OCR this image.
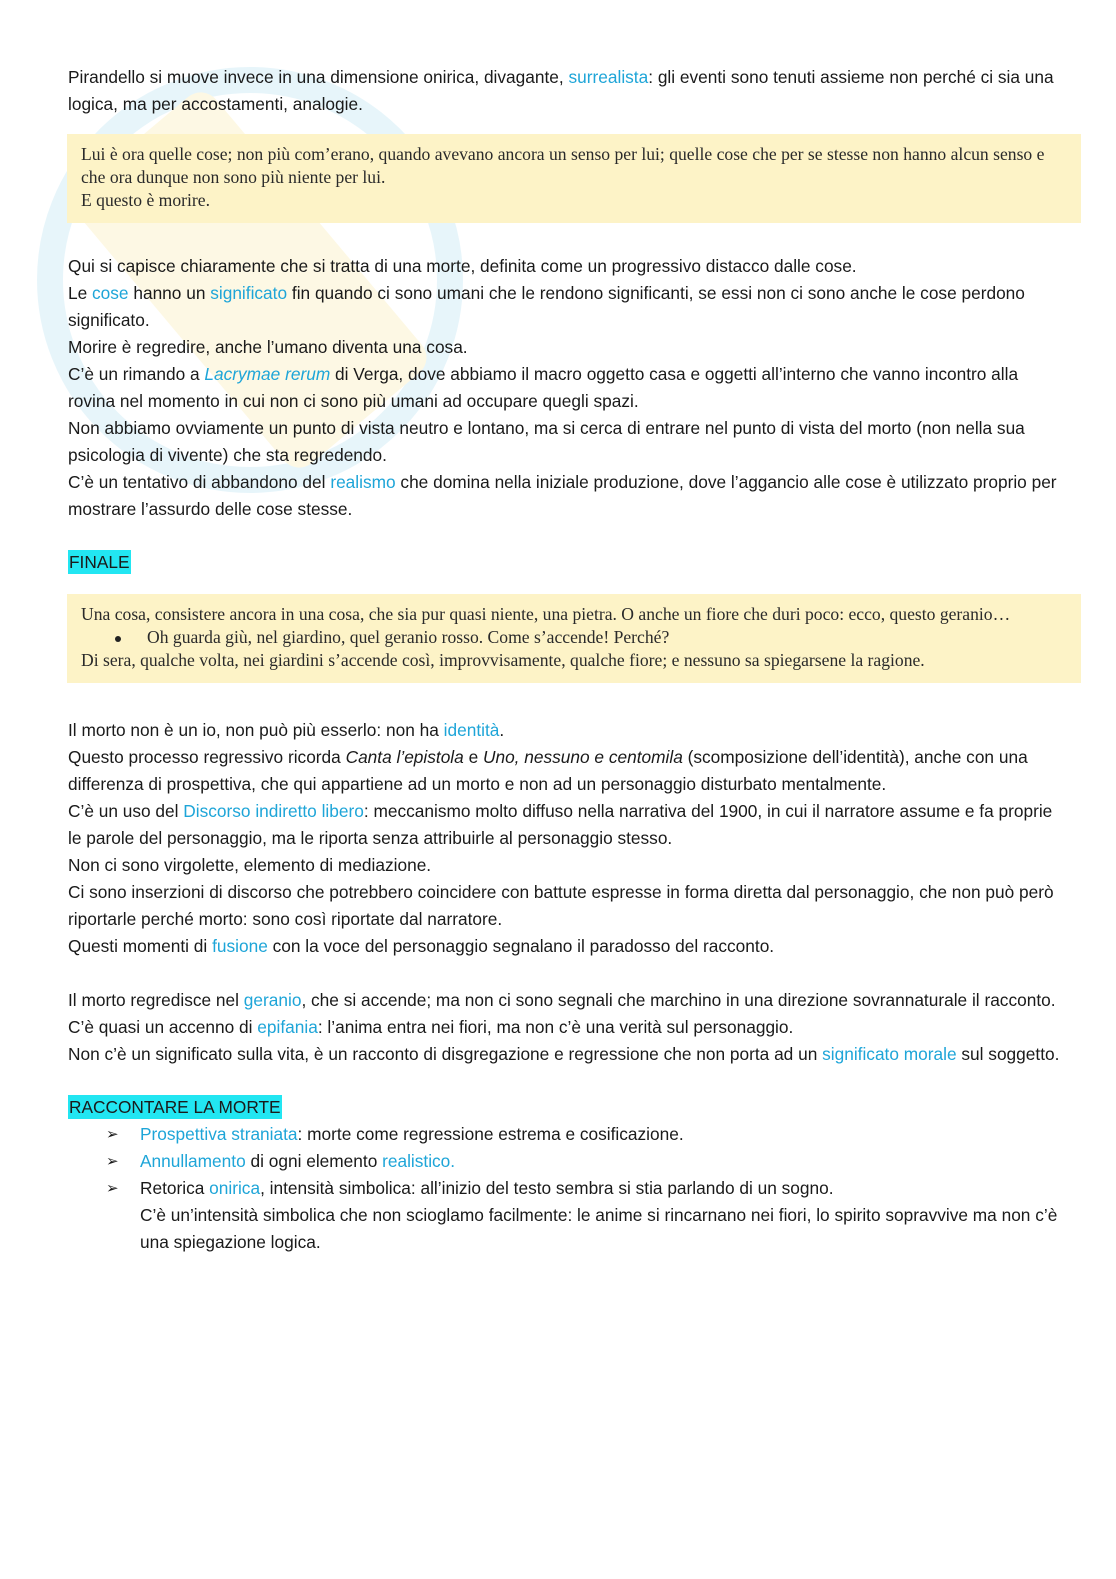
Pirandello si muove invece in una dimensione onirica, divagante, surrealista: gli eventi sono tenuti assieme non perché ci sia una logica, ma per accostamenti, analogie.

Lui è ora quelle cose; non più com’erano, quando avevano ancora un senso per lui; quelle cose che per se stesse non hanno alcun senso e che ora dunque non sono più niente per lui.
E questo è morire.

Qui si capisce chiaramente che si tratta di una morte, definita come un progressivo distacco dalle cose.

Le cose hanno un significato fin quando ci sono umani che le rendono significanti, se essi non ci sono anche le cose perdono significato.

Morire è regredire, anche l’umano diventa una cosa.

C’è un rimando a Lacrymae rerum di Verga, dove abbiamo il macro oggetto casa e oggetti all’interno che vanno incontro alla rovina nel momento in cui non ci sono più umani ad occupare quegli spazi.

Non abbiamo ovviamente un punto di vista neutro e lontano, ma si cerca di entrare nel punto di vista del morto (non nella sua psicologia di vivente) che sta regredendo.

C’è un tentativo di abbandono del realismo che domina nella iniziale produzione, dove l’aggancio alle cose è utilizzato proprio per mostrare l’assurdo delle cose stesse.

FINALE
Una cosa, consistere ancora in una cosa, che sia pur quasi niente, una pietra. O anche un fiore che duri poco: ecco, questo geranio…
Oh guarda giù, nel giardino, quel geranio rosso. Come s’accende! Perché?
Di sera, qualche volta, nei giardini s’accende così, improvvisamente, qualche fiore; e nessuno sa spiegarsene la ragione.

Il morto non è un io, non può più esserlo: non ha identità.

Questo processo regressivo ricorda Canta l’epistola e Uno, nessuno e centomila (scomposizione dell’identità), anche con una differenza di prospettiva, che qui appartiene ad un morto e non ad un personaggio disturbato mentalmente.

C’è un uso del Discorso indiretto libero: meccanismo molto diffuso nella narrativa del 1900, in cui il narratore assume e fa proprie le parole del personaggio, ma le riporta senza attribuirle al personaggio stesso.

Non ci sono virgolette, elemento di mediazione.

Ci sono inserzioni di discorso che potrebbero coincidere con battute espresse in forma diretta dal personaggio, che non può però riportarle perché morto: sono così riportate dal narratore.

Questi momenti di fusione con la voce del personaggio segnalano il paradosso del racconto.

Il morto regredisce nel geranio, che si accende; ma non ci sono segnali che marchino in una direzione sovrannaturale il racconto.

C’è quasi un accenno di epifania: l’anima entra nei fiori, ma non c’è una verità sul personaggio.

Non c’è un significato sulla vita, è un racconto di disgregazione e regressione che non porta ad un significato morale sul soggetto.

RACCONTARE LA MORTE
➢ Prospettiva straniata: morte come regressione estrema e cosificazione.
➢ Annullamento di ogni elemento realistico.
➢ Retorica onirica, intensità simbolica: all’inizio del testo sembra si stia parlando di un sogno.
C’è un’intensità simbolica che non scioglamo facilmente: le anime si rincarnano nei fiori, lo spirito sopravvive ma non c’è una spiegazione logica.
